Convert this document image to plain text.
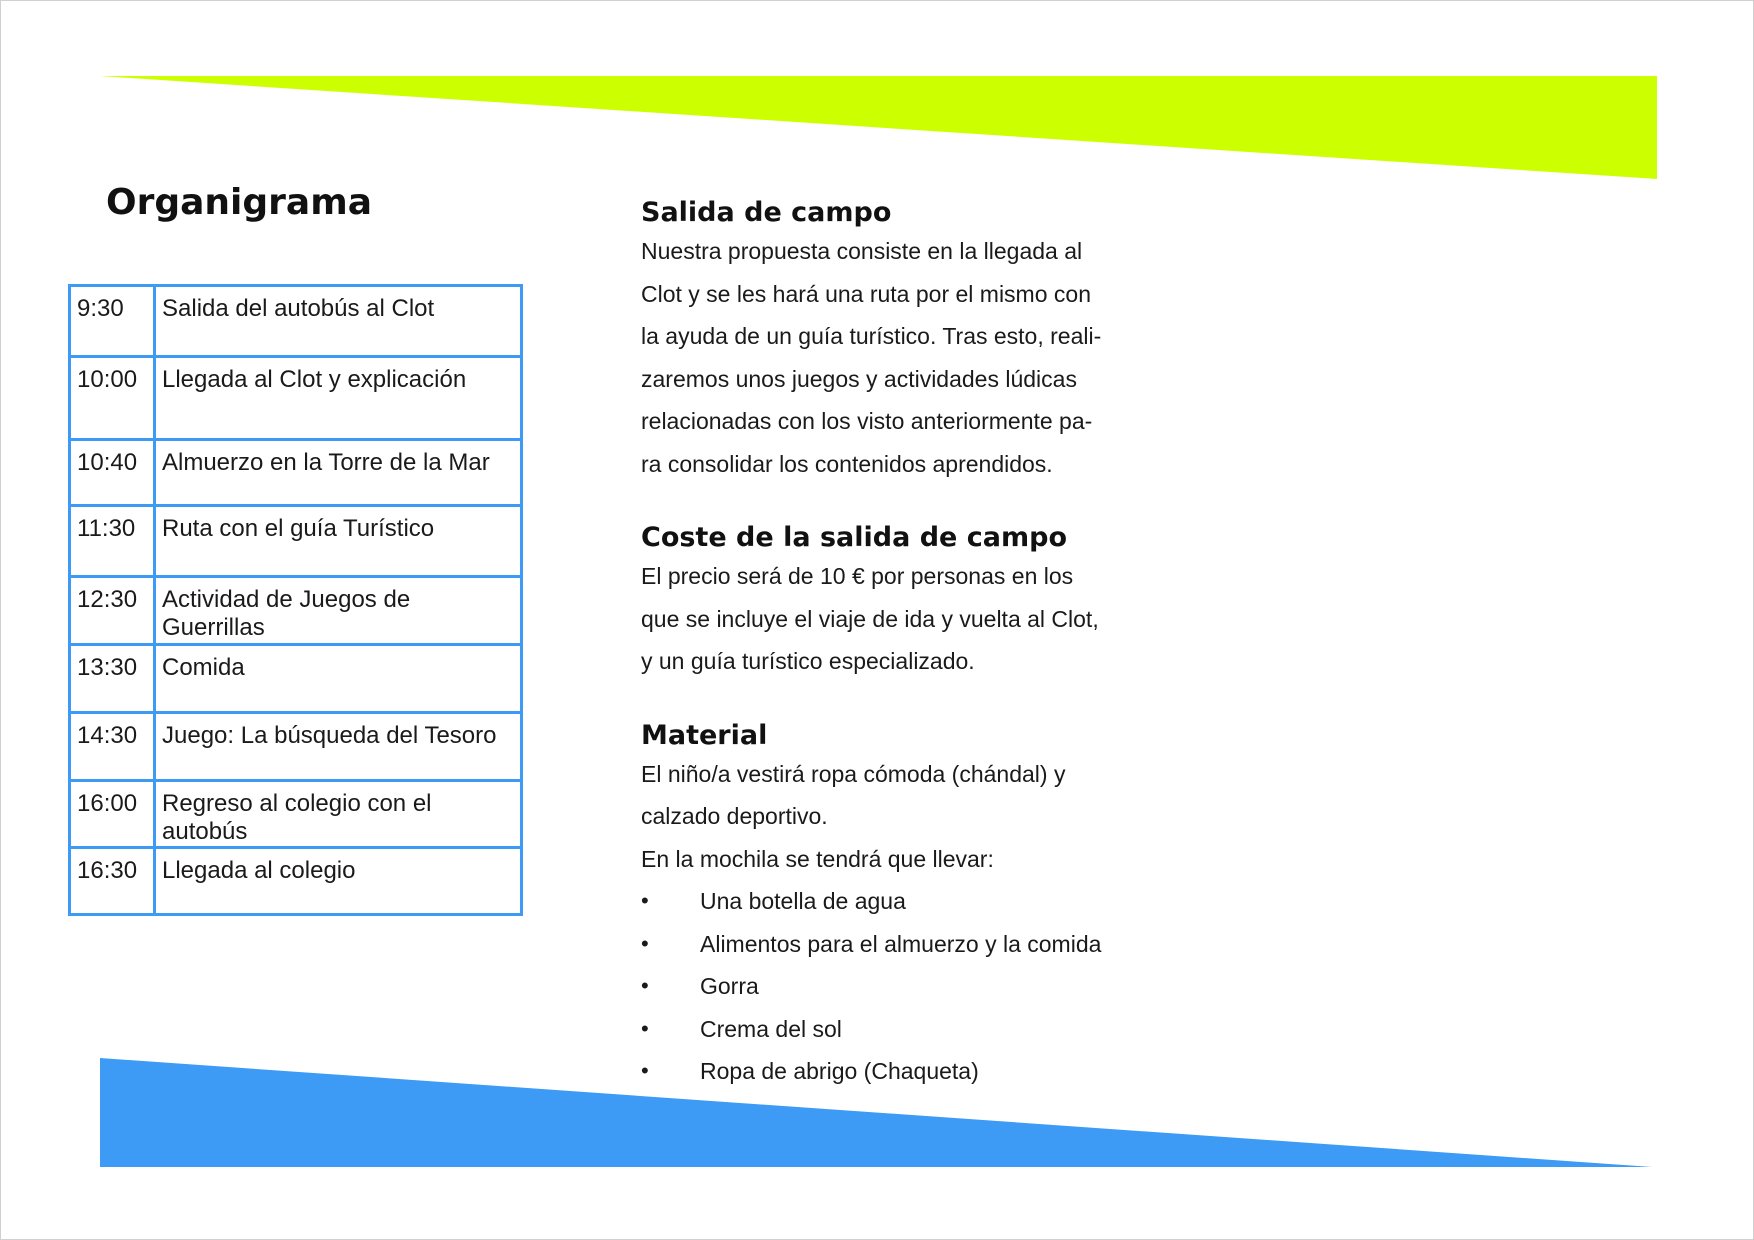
Organigrama
9:30	Salida del autobús al Clot
10:00	Llegada al Clot y explicación
10:40	Almuerzo en la Torre de la Mar
11:30	Ruta con el guía Turístico
12:30	Actividad de Juegos de Guerrillas
13:30	Comida
14:30	Juego: La búsqueda del Tesoro
16:00	Regreso al colegio con el autobús
16:30	Llegada al colegio
Salida de campo

Nuestra propuesta consiste en la llegada al

Clot y se les hará una ruta por el mismo con

la ayuda de un guía turístico. Tras esto, reali-

zaremos unos juegos y actividades lúdicas

relacionadas con los visto anteriormente pa-

ra consolidar los contenidos aprendidos.

Coste de la salida de campo

El precio será de 10 € por personas en los

que se incluye el viaje de ida y vuelta al Clot,

y un guía turístico especializado.

Material

El niño/a vestirá ropa cómoda (chándal) y

calzado deportivo.

En la mochila se tendrá que llevar:

• Una botella de agua
• Alimentos para el almuerzo y la comida
• Gorra
• Crema del sol
• Ropa de abrigo (Chaqueta)
